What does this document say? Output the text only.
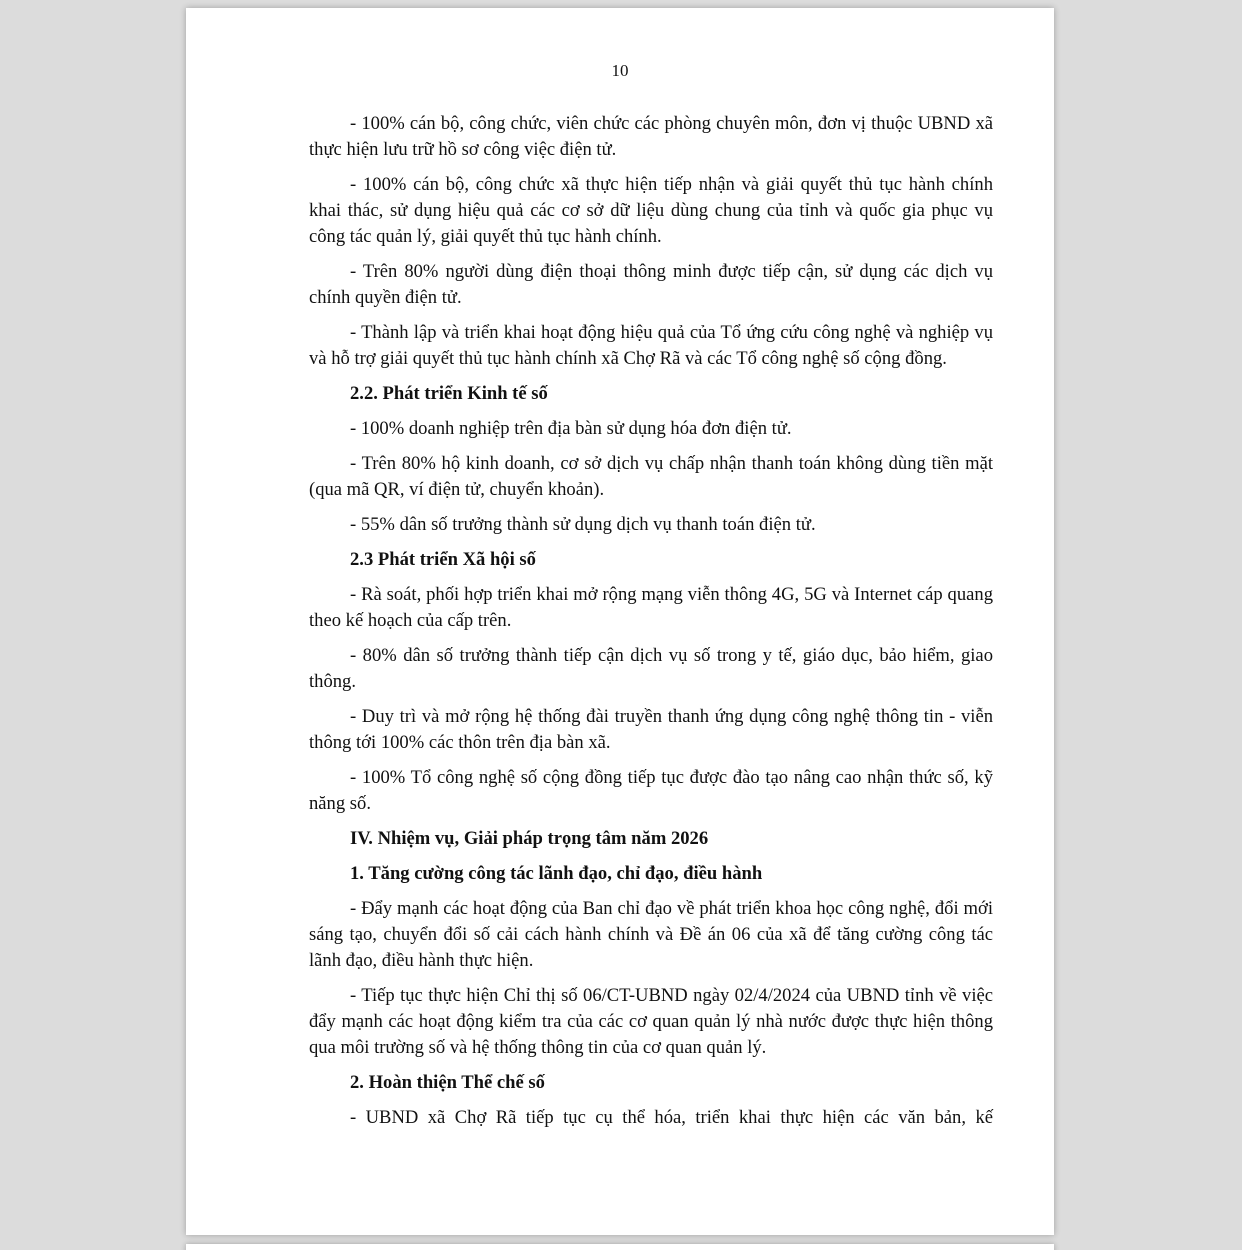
10

- 100% cán bộ, công chức, viên chức các phòng chuyên môn, đơn vị thuộc UBND xã thực hiện lưu trữ hồ sơ công việc điện tử.

- 100% cán bộ, công chức xã thực hiện tiếp nhận và giải quyết thủ tục hành chính khai thác, sử dụng hiệu quả các cơ sở dữ liệu dùng chung của tỉnh và quốc gia phục vụ công tác quản lý, giải quyết thủ tục hành chính.

- Trên 80% người dùng điện thoại thông minh được tiếp cận, sử dụng các dịch vụ chính quyền điện tử.

- Thành lập và triển khai hoạt động hiệu quả của Tổ ứng cứu công nghệ và nghiệp vụ và hỗ trợ giải quyết thủ tục hành chính xã Chợ Rã và các Tổ công nghệ số cộng đồng.

2.2. Phát triển Kinh tế số

- 100% doanh nghiệp trên địa bàn sử dụng hóa đơn điện tử.

- Trên 80% hộ kinh doanh, cơ sở dịch vụ chấp nhận thanh toán không dùng tiền mặt (qua mã QR, ví điện tử, chuyển khoản).

- 55% dân số trưởng thành sử dụng dịch vụ thanh toán điện tử.

2.3 Phát triển Xã hội số

- Rà soát, phối hợp triển khai mở rộng mạng viễn thông 4G, 5G và Internet cáp quang theo kế hoạch của cấp trên.

- 80% dân số trưởng thành tiếp cận dịch vụ số trong y tế, giáo dục, bảo hiểm, giao thông.

- Duy trì và mở rộng hệ thống đài truyền thanh ứng dụng công nghệ thông tin - viễn thông tới 100% các thôn trên địa bàn xã.

- 100% Tổ công nghệ số cộng đồng tiếp tục được đào tạo nâng cao nhận thức số, kỹ năng số.

IV. Nhiệm vụ, Giải pháp trọng tâm năm 2026

1. Tăng cường công tác lãnh đạo, chỉ đạo, điều hành

- Đẩy mạnh các hoạt động của Ban chỉ đạo về phát triển khoa học công nghệ, đổi mới sáng tạo, chuyển đổi số cải cách hành chính và Đề án 06 của xã để tăng cường công tác lãnh đạo, điều hành thực hiện.

- Tiếp tục thực hiện Chỉ thị số 06/CT-UBND ngày 02/4/2024 của UBND tỉnh về việc đẩy mạnh các hoạt động kiểm tra của các cơ quan quản lý nhà nước được thực hiện thông qua môi trường số và hệ thống thông tin của cơ quan quản lý.

2. Hoàn thiện Thể chế số

- UBND xã Chợ Rã tiếp tục cụ thể hóa, triển khai thực hiện các văn bản, kế
